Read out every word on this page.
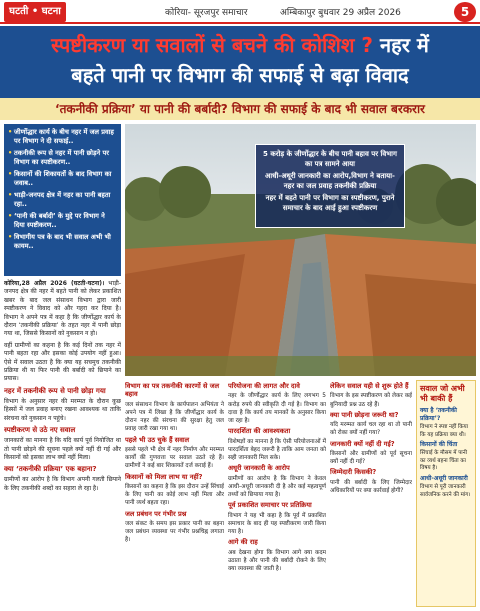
घटती • घटना	कोरिया- सूरजपुर समाचार	अम्बिकापुर बुधवार 29 अप्रैल 2026	5
स्पष्टीकरण या सवालों से बचने की कोशिश ? नहर में
बहते पानी पर विभाग की सफाई से बढ़ा विवाद
‘तकनीकी प्रक्रिया’ या पानी की बर्बादी? विभाग की सफाई के बाद भी सवाल बरकरार
• जीर्णोद्धार कार्य के बीच नहर में जल प्रवाह पर विभाग ने दी सफाई..
• तकनीकी रूप से नहर में पानी छोड़ने पर विभाग का स्पष्टीकरण..
• किसानों की शिकायतों के बाद विभाग का जवाब..
• भाड़ी-जनपद क्षेत्र में नहर का पानी बहता रहा..
• ‘पानी की बर्बादी’ के मुद्दे पर विभाग ने दिया स्पष्टीकरण..
• विभागीय पत्र के बाद भी सवाल अभी भी कायम..

कोरिया,28 अप्रैल 2026 (घटती-घटना)। भाड़ी-जनपद क्षेत्र की नहर में बहते पानी को लेकर प्रकाशित खबर के बाद जल संसाधन विभाग द्वारा जारी स्पष्टीकरण ने विवाद को और गहरा कर दिया है। विभाग ने अपने पत्र में कहा है कि जीर्णोद्धार कार्य के दौरान ‘तकनीकी प्रक्रिया’ के तहत नहर में पानी छोड़ा गया था, जिससे किसानों को नुकसान न हो।

वहीं ग्रामीणों का कहना है कि कई दिनों तक नहर में पानी बहता रहा और इसका कोई उपयोग नहीं हुआ। ऐसे में सवाल उठता है कि क्या यह सचमुच तकनीकी प्रक्रिया थी या फिर पानी की बर्बादी को छिपाने का प्रयास।

नहर में तकनीकी रूप से पानी छोड़ा गया

विभाग के अनुसार नहर की मरम्मत के दौरान कुछ हिस्सों में जल प्रवाह बनाए रखना आवश्यक था ताकि संरचना को नुकसान न पहुंचे।

स्पष्टीकरण से उठे नए सवाल

जानकारों का मानना है कि यदि कार्य पूर्व नियोजित था तो पानी छोड़ने की सूचना पहले क्यों नहीं दी गई और किसानों को इसका लाभ क्यों नहीं मिला।

क्या ‘तकनीकी प्रक्रिया’ एक बहाना?

ग्रामीणों का आरोप है कि विभाग अपनी गलती छिपाने के लिए तकनीकी शब्दों का सहारा ले रहा है।

5 करोड़ के जीर्णोद्धार के बीच पानी बहाव पर विभाग का पत्र सामने आया

आधी-अधूरी जानकारी का आरोप,विभाग ने बताया-नहर का जल प्रवाह तकनीकी प्रक्रिया

नहर में बहते पानी पर विभाग का स्पष्टीकरण, पुराने समाचार के बाद आई हुआ स्पष्टीकरण

विभाग का पत्र तकनीकी कारणों से जल बहाव

जल संसाधन विभाग के कार्यपालन अभियंता ने अपने पत्र में लिखा है कि जीर्णोद्धार कार्य के दौरान नहर की संरचना की सुरक्षा हेतु जल प्रवाह जारी रखा गया था।

पहले भी उठ चुके हैं सवाल

इससे पहले भी क्षेत्र में नहर निर्माण और मरम्मत कार्यों की गुणवत्ता पर सवाल उठते रहे हैं। ग्रामीणों ने कई बार शिकायतें दर्ज कराई हैं।

किसानों को मिला लाभ या नहीं?

किसानों का कहना है कि इस दौरान उन्हें सिंचाई के लिए पानी का कोई लाभ नहीं मिला और पानी व्यर्थ बहता रहा।

जल प्रबंधन पर गंभीर प्रश्न

जल संकट के समय इस प्रकार पानी का बहना जल प्रबंधन व्यवस्था पर गंभीर प्रश्नचिह्न लगाता है।

परियोजना की लागत और दावे

नहर के जीर्णोद्धार कार्य के लिए लगभग 5 करोड़ रुपये की स्वीकृति दी गई है। विभाग का दावा है कि कार्य तय मानकों के अनुसार किया जा रहा है।

पारदर्शिता की आवश्यकता

विशेषज्ञों का मानना है कि ऐसी परियोजनाओं में पारदर्शिता बेहद जरूरी है ताकि आम जनता को सही जानकारी मिल सके।

अधूरी जानकारी के आरोप

ग्रामीणों का आरोप है कि विभाग ने केवल आधी-अधूरी जानकारी दी है और कई महत्वपूर्ण तथ्यों को छिपाया गया है।

पूर्व प्रकाशित समाचार पर प्रतिक्रिया

विभाग ने यह भी कहा है कि पूर्व में प्रकाशित समाचार के बाद ही यह स्पष्टीकरण जारी किया गया है।

आगे की राह

अब देखना होगा कि विभाग आगे क्या कदम उठाता है और पानी की बर्बादी रोकने के लिए क्या व्यवस्था की जाती है।

लेकिन सवाल यही से शुरू होते हैं

विभाग के इस स्पष्टीकरण को लेकर कई बुनियादी प्रश्न उठ रहे हैं।

क्या पानी छोड़ना जरूरी था?

यदि मरम्मत कार्य चल रहा था तो पानी को रोका क्यों नहीं गया?

जानकारी क्यों नहीं दी गई?

किसानों और ग्रामीणों को पूर्व सूचना क्यों नहीं दी गई?

जिम्मेदारी किसकी?

पानी की बर्बादी के लिए जिम्मेदार अधिकारियों पर क्या कार्रवाई होगी?

सवाल जो अभी भी बाकी हैं
क्या है ‘तकनीकी प्रक्रिया’?

विभाग ने स्पष्ट नहीं किया कि यह प्रक्रिया क्या थी।

किसानों की चिंता

सिंचाई के मौसम में पानी का व्यर्थ बहना चिंता का विषय है।

आधी-अधूरी जानकारी

विभाग से पूरी जानकारी सार्वजनिक करने की मांग।
